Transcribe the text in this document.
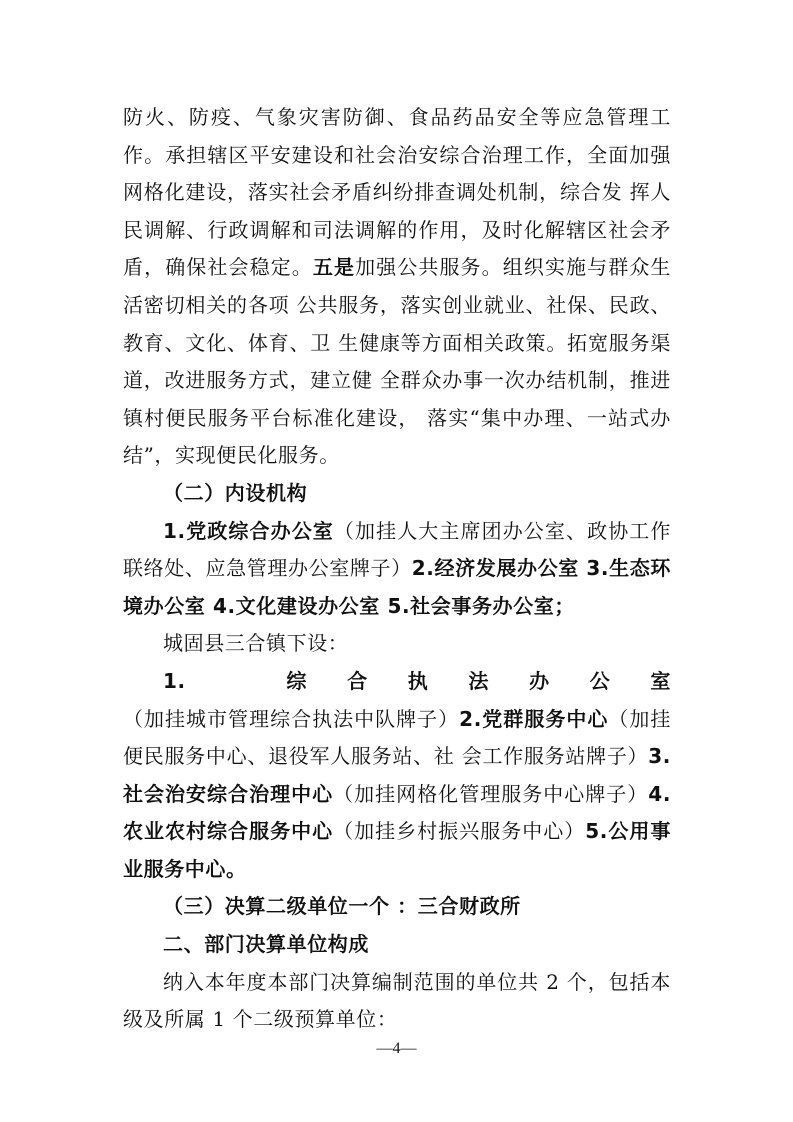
防火、防疫、气象灾害防御、食品药品安全等应急管理工作。承担辖区平安建设和社会治安综合治理工作，全面加强网格化建设，落实社会矛盾纠纷排查调处机制，综合发 挥人民调解、行政调解和司法调解的作用，及时化解辖区社会矛盾，确保社会稳定。五是加强公共服务。组织实施与群众生活密切相关的各项 公共服务，落实创业就业、社保、民政、教育、文化、体育、卫 生健康等方面相关政策。拓宽服务渠道，改进服务方式，建立健 全群众办事一次办结机制，推进镇村便民服务平台标准化建设， 落实“集中办理、一站式办结”，实现便民化服务。

（二）内设机构

1.党政综合办公室（加挂人大主席团办公室、政协工作联络处、应急管理办公室牌子）2.经济发展办公室 3.生态环境办公室 4.文化建设办公室 5.社会事务办公室；

城固县三合镇下设：

1.　综合执法办公室（加挂城市管理综合执法中队牌子）2.党群服务中心（加挂便民服务中心、退役军人服务站、社 会工作服务站牌子）3.社会治安综合治理中心（加挂网格化管理服务中心牌子）4.农业农村综合服务中心（加挂乡村振兴服务中心）5.公用事业服务中心。

（三）决算二级单位一个 ：三合财政所

二、部门决算单位构成

纳入本年度本部门决算编制范围的单位共 2 个，包括本级及所属 1 个二级预算单位：

—4—
